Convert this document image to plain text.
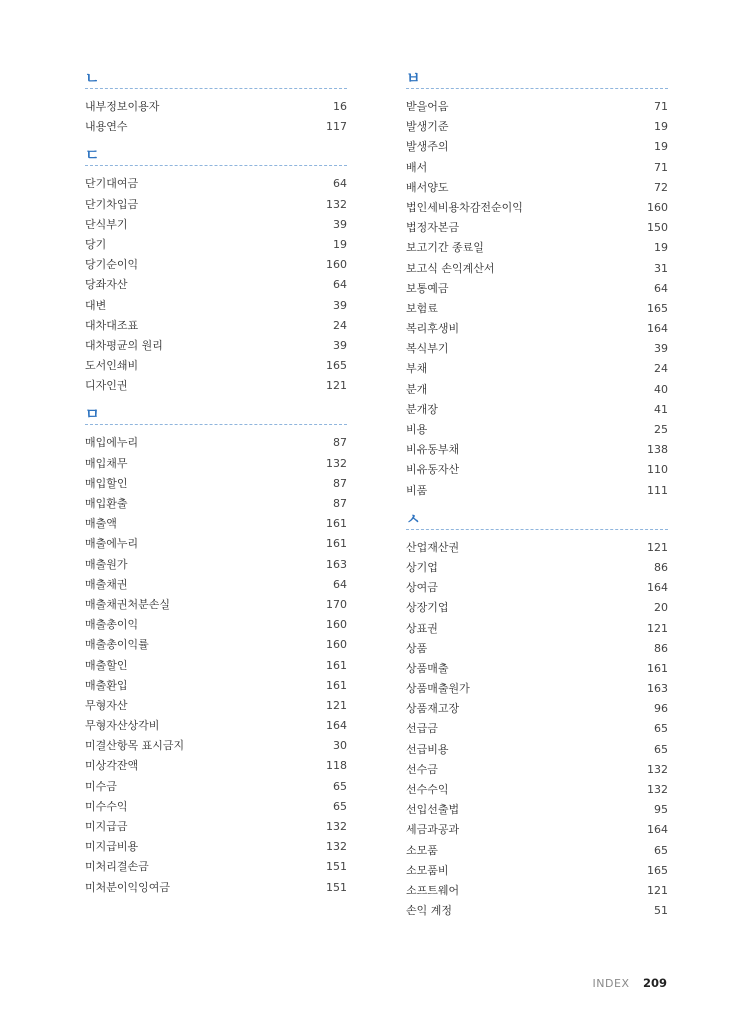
ㄴ
내부정보이용자	16
내용연수	117
ㄷ
단기대여금	64
단기차입금	132
단식부기	39
당기	19
당기순이익	160
당좌자산	64
대변	39
대차대조표	24
대차평균의 원리	39
도서인쇄비	165
디자인권	121
ㅁ
매입에누리	87
매입채무	132
매입할인	87
매입환출	87
매출액	161
매출에누리	161
매출원가	163
매출채권	64
매출채권처분손실	170
매출총이익	160
매출총이익률	160
매출할인	161
매출환입	161
무형자산	121
무형자산상각비	164
미결산항목 표시금지	30
미상각잔액	118
미수금	65
미수수익	65
미지급금	132
미지급비용	132
미처리결손금	151
미처분이익잉여금	151
ㅂ
받을어음	71
발생기준	19
발생주의	19
배서	71
배서양도	72
법인세비용차감전순이익	160
법정자본금	150
보고기간 종료일	19
보고식 손익계산서	31
보통예금	64
보험료	165
복리후생비	164
복식부기	39
부채	24
분개	40
분개장	41
비용	25
비유동부채	138
비유동자산	110
비품	111
ㅅ
산업재산권	121
상기업	86
상여금	164
상장기업	20
상표권	121
상품	86
상품매출	161
상품매출원가	163
상품재고장	96
선급금	65
선급비용	65
선수금	132
선수수익	132
선입선출법	95
세금과공과	164
소모품	65
소모품비	165
소프트웨어	121
손익 계정	51
INDEX 209
